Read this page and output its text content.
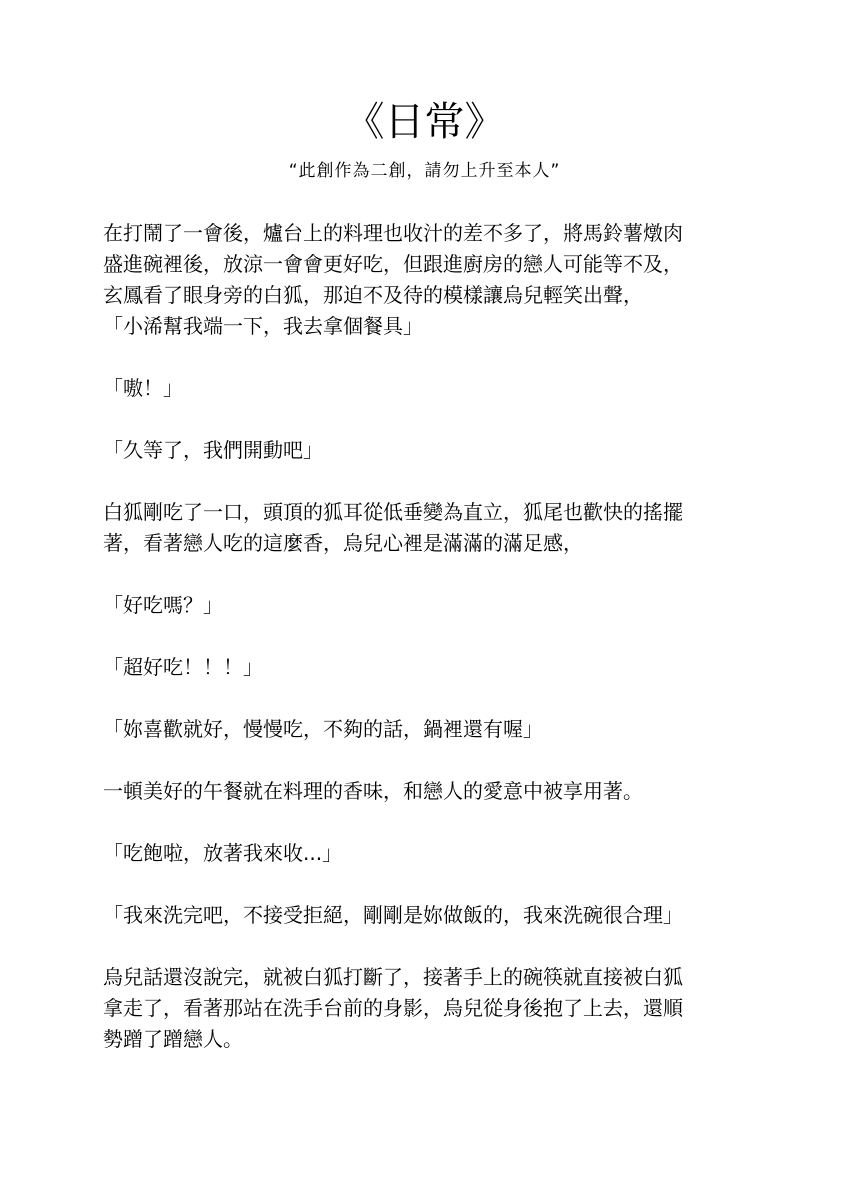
《日常》
“此創作為二創，請勿上升至本人”

在打鬧了一會後，爐台上的料理也收汁的差不多了，將馬鈴薯燉肉
盛進碗裡後，放涼一會會更好吃，但跟進廚房的戀人可能等不及，
玄鳳看了眼身旁的白狐，那迫不及待的模樣讓烏兒輕笑出聲，
「小浠幫我端一下，我去拿個餐具」

「嗷！」

「久等了，我們開動吧」

白狐剛吃了一口，頭頂的狐耳從低垂變為直立，狐尾也歡快的搖擺
著，看著戀人吃的這麼香，烏兒心裡是滿滿的滿足感，

「好吃嗎？」

「超好吃！！！」

「妳喜歡就好，慢慢吃，不夠的話，鍋裡還有喔」

一頓美好的午餐就在料理的香味，和戀人的愛意中被享用著。

「吃飽啦，放著我來收...」

「我來洗完吧，不接受拒絕，剛剛是妳做飯的，我來洗碗很合理」

烏兒話還沒說完，就被白狐打斷了，接著手上的碗筷就直接被白狐
拿走了，看著那站在洗手台前的身影，烏兒從身後抱了上去，還順
勢蹭了蹭戀人。
